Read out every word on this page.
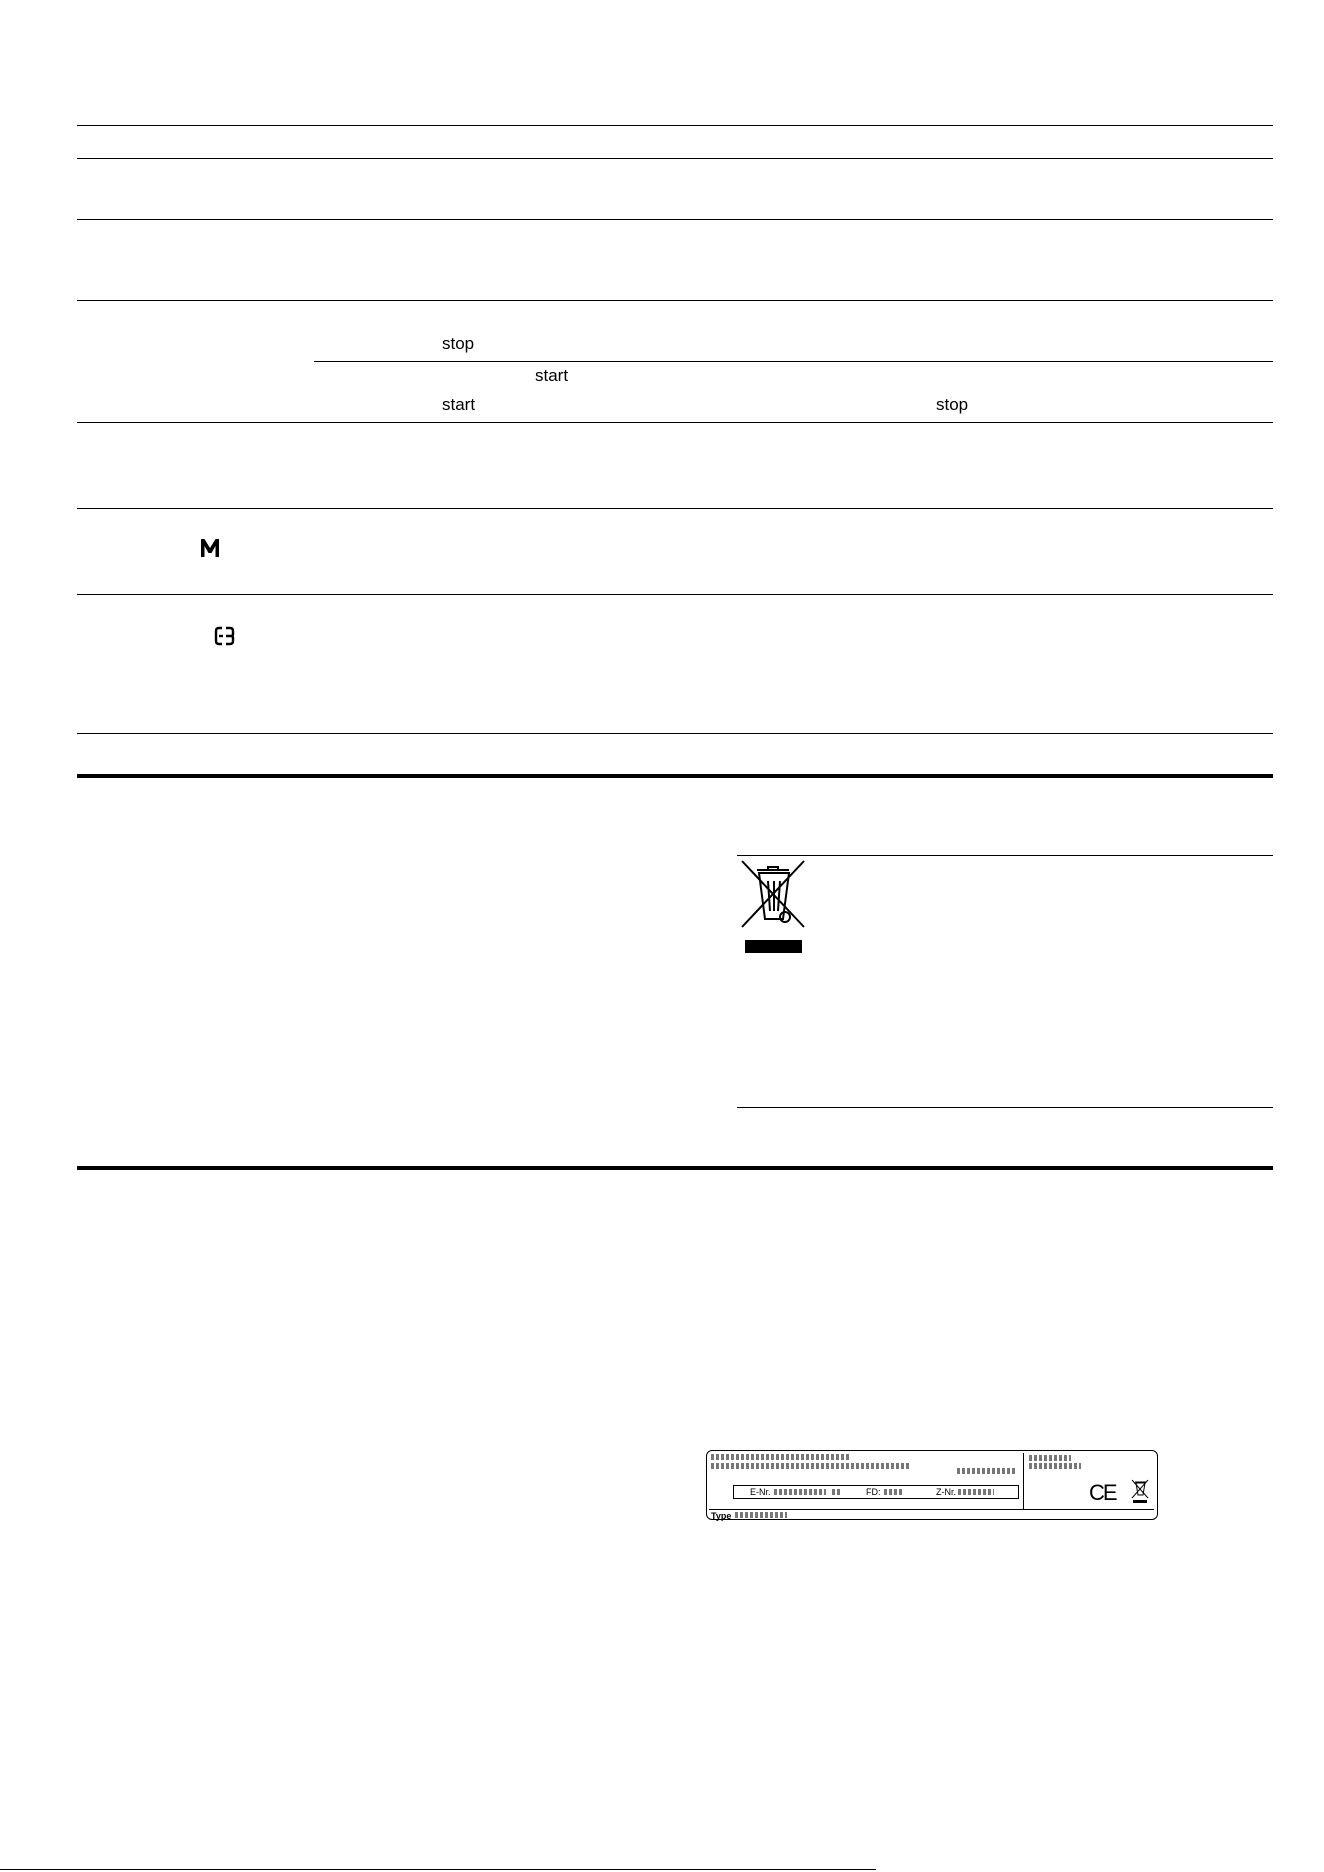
stop
start
start	stop
E-Nr.	FD:	Z-Nr.
Type
CE
